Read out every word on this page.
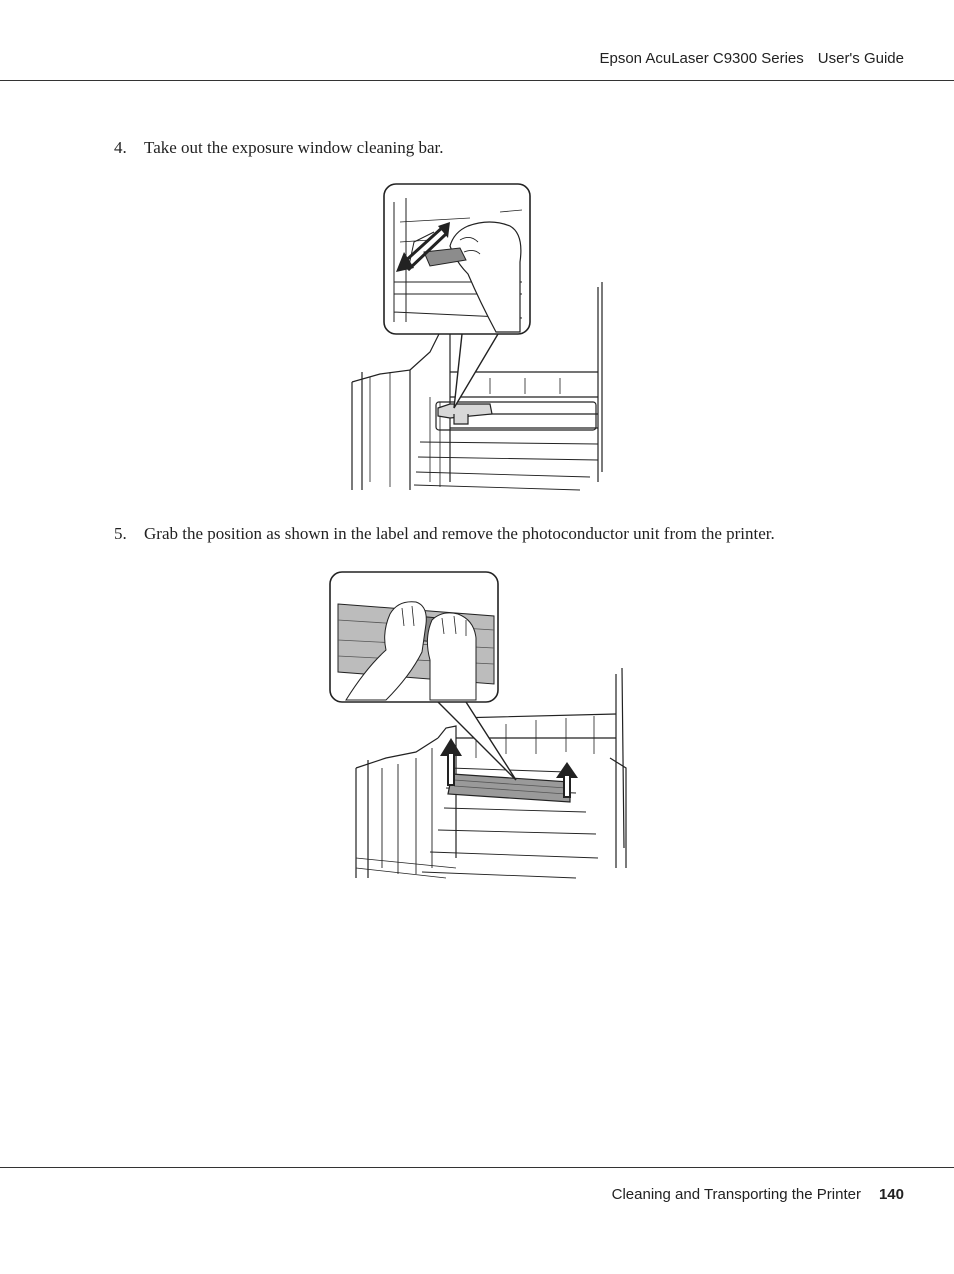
Epson AcuLaser C9300 Series User's Guide
4. Take out the exposure window cleaning bar.
5. Grab the position as shown in the label and remove the photoconductor unit from the printer.
Cleaning and Transporting the Printer 140
